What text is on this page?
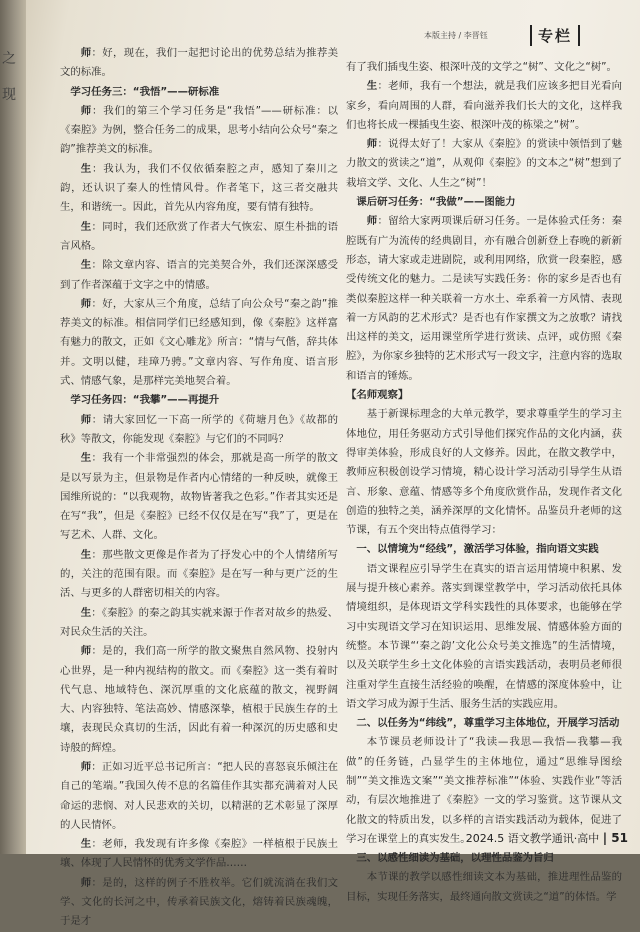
之
现
本版主持 / 李晋钰	专栏

师：好，现在，我们一起把讨论出的优势总结为推荐美文的标准。

学习任务三：“我悟”——研标准

师：我们的第三个学习任务是“我悟”——研标准：以《秦腔》为例，整合任务二的成果，思考小结向公众号“秦之韵”推荐美文的标准。

生：我认为，我们不仅依循秦腔之声，感知了秦川之韵，还认识了秦人的性情风骨。作者笔下，这三者交融共生，和谐统一。因此，首先从内容角度，要有情有独特。

生：同时，我们还欣赏了作者大气恢宏、原生朴拙的语言风格。

生：除文章内容、语言的完美契合外，我们还深深感受到了作者深蕴于文字之中的情感。

师：好，大家从三个角度，总结了向公众号“秦之韵”推荐美文的标准。相信同学们已经感知到，像《秦腔》这样富有魅力的散文，正如《文心雕龙》所言：“情与气偕，辞共体并。文明以健，珪璋乃骋。”文章内容、写作角度、语言形式、情感气象，是那样完美地契合着。

学习任务四：“我攀”——再提升

师：请大家回忆一下高一所学的《荷塘月色》《故都的秋》等散文，你能发现《秦腔》与它们的不同吗？

生：我有一个非常强烈的体会，那就是高一所学的散文是以写景为主，但景物是作者内心情绪的一种反映，就像王国维所说的：“以我观物，故物皆著我之色彩。”作者其实还是在写“我”，但是《秦腔》已经不仅仅是在写“我”了，更是在写艺术、人群、文化。

生：那些散文更像是作者为了抒发心中的个人情绪所写的，关注的范围有限。而《秦腔》是在写一种与更广泛的生活、与更多的人群密切相关的内容。

生：《秦腔》的秦之韵其实就来源于作者对故乡的热爱、对民众生活的关注。

师：是的，我们高一所学的散文聚焦自然风物、投射内心世界，是一种内视结构的散文。而《秦腔》这一类有着时代气息、地域特色、深沉厚重的文化底蕴的散文，视野阔大、内容独特、笔法高妙、情感深挚，植根于民族生存的土壤，表现民众真切的生活，因此有着一种深沉的历史感和史诗般的辉煌。

师：正如习近平总书记所言：“把人民的喜怒哀乐倾注在自己的笔端。”我国久传不息的名篇佳作其实都充满着对人民命运的悲悯、对人民悲欢的关切，以精湛的艺术彰显了深厚的人民情怀。

生：老师，我发现有许多像《秦腔》一样植根于民族土壤、体现了人民情怀的优秀文学作品……

师：是的，这样的例子不胜枚举。它们就流淌在我们文学、文化的长河之中，传承着民族文化，熔铸着民族魂魄，于是才

有了我们插曳生姿、根深叶茂的文学之“树”、文化之“树”。

生：老师，我有一个想法，就是我们应该多把目光看向家乡，看向周围的人群，看向滋养我们长大的文化，这样我们也将长成一棵插曳生姿、根深叶茂的栋梁之“树”。

师：说得太好了！大家从《秦腔》的赏读中领悟到了魅力散文的赏读之“道”，从观仰《秦腔》的文本之“树”想到了栽培文学、文化、人生之“树”！

课后研习任务：“我做”——图能力

师：留给大家两项课后研习任务。一是体验式任务：秦腔既有广为流传的经典剧目，亦有融合创新登上春晚的新新形态，请大家或走进剧院，或利用网络，欣赏一段秦腔，感受传统文化的魅力。二是读写实践任务：你的家乡是否也有类似秦腔这样一种关联着一方水土、牵系着一方风情、表现着一方风韵的艺术形式？是否也有作家撰文为之放歌？请找出这样的美文，运用课堂所学进行赏读、点评，或仿照《秦腔》，为你家乡独特的艺术形式写一段文字，注意内容的选取和语言的锤炼。

【名师观察】

基于新课标理念的大单元教学，要求尊重学生的学习主体地位，用任务驱动方式引导他们探究作品的文化内涵，获得审美体验，形成良好的人文修养。因此，在散文教学中，教师应积极创设学习情境，精心设计学习活动引导学生从语言、形象、意蕴、情感等多个角度欣赏作品，发现作者文化创造的独特之美，涵养深厚的文化情怀。品鉴员升老师的这节课，有五个突出特点值得学习：

一、以情境为“经线”，激活学习体验，指向语文实践

语文课程应引导学生在真实的语言运用情境中积累、发展与提升核心素养。落实到课堂教学中，学习活动依托具体情境组织，是体现语文学科实践性的具体要求，也能够在学习中实现语文学习在知识运用、思维发展、情感体验方面的统整。本节课“‘秦之韵’文化公众号美文推选”的生活情境，以及关联学生乡土文化体验的言语实践活动，表明员老师很注重对学生直接生活经验的唤醒，在情感的深度体验中，让语文学习成为源于生活、服务生活的实践应用。

二、以任务为“纬线”，尊重学习主体地位，开展学习活动

本节课员老师设计了“我读—我思—我悟—我攀—我做”的任务链，凸显学生的主体地位，通过“思维导图绘制”“美文推选文案”“美文推荐标准”“体验、实践作业”等活动，有层次地推进了《秦腔》一文的学习鉴赏。这节课从文化散文的特质出发，以多样的言语实践活动为载体，促进了学习在课堂上的真实发生。

三、以感性细读为基础，以理性品鉴为旨归

本节课的教学以感性细读文本为基础，推进理性品鉴的目标，实现任务落实，最终通向散文赏读之“道”的体悟。学

2024.5 语文教学通讯·高中 | 51
